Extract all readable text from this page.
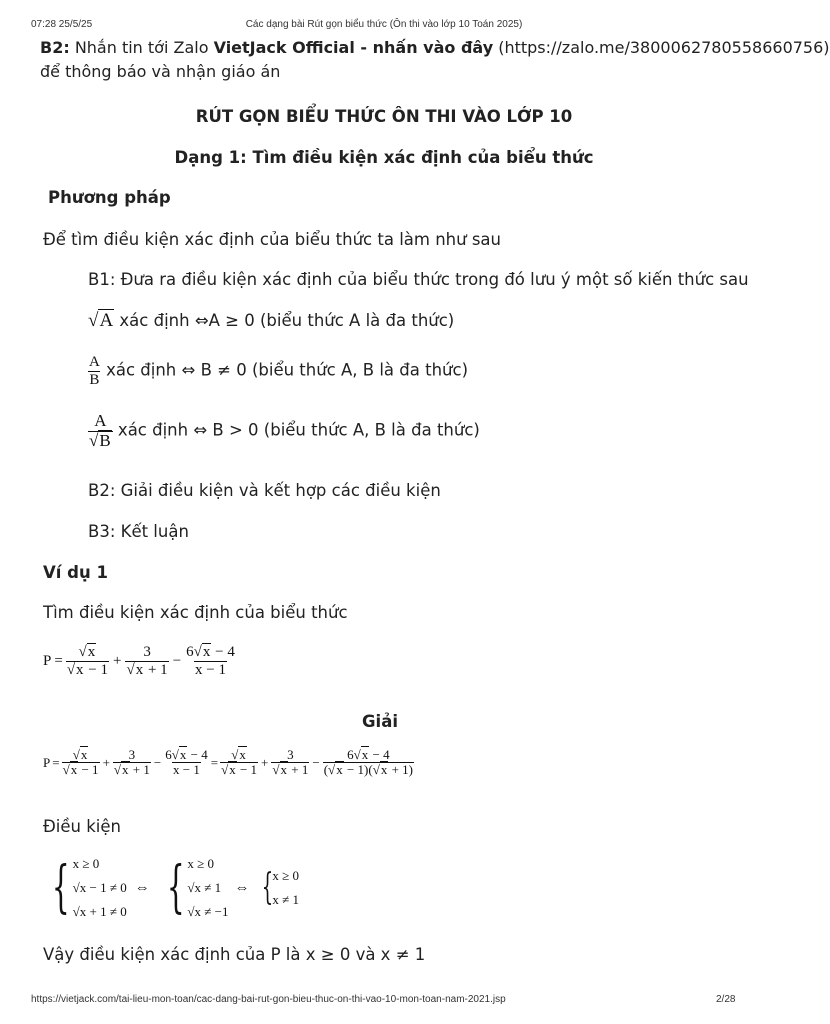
07:28 25/5/25	Các dạng bài Rút gọn biểu thức (Ôn thi vào lớp 10 Toán 2025)
B2: Nhắn tin tới Zalo VietJack Official - nhấn vào đây (https://zalo.me/3800062780558660756)
để thông báo và nhận giáo án
RÚT GỌN BIỂU THỨC ÔN THI VÀO LỚP 10
Dạng 1: Tìm điều kiện xác định của biểu thức
Phương pháp
Để tìm điều kiện xác định của biểu thức ta làm như sau
B1: Đưa ra điều kiện xác định của biểu thức trong đó lưu ý một số kiến thức sau
√A xác định ⇔A ≥ 0 (biểu thức A là đa thức)
$\frac{A}{B}$ xác định ⇔ B ≠ 0 (biểu thức A, B là đa thức)
$\frac{A}{√B}$ xác định ⇔ B > 0 (biểu thức A, B là đa thức)
B2: Giải điều kiện và kết hợp các điều kiện
B3: Kết luận
Ví dụ 1
Tìm điều kiện xác định của biểu thức
$P = \frac{√x}{√x - 1} + \frac{3}{√x + 1} - \frac{6√x - 4}{x - 1}$
Giải
$P = \frac{√x}{√x - 1} + \frac{3}{√x + 1} - \frac{6√x - 4}{x - 1} = \frac{√x}{√x - 1} + \frac{3}{√x + 1} - \frac{6√x - 4}{(√x - 1)(√x + 1)}$
Điều kiện
{ x ≥ 0
√x − 1 ≠ 0
√x + 1 ≠ 0
⇔ { x ≥ 0
√x ≠ 1
√x ≠ −1
⇔ { x ≥ 0
x ≠ 1
Vậy điều kiện xác định của P là x ≥ 0 và x ≠ 1
https://vietjack.com/tai-lieu-mon-toan/cac-dang-bai-rut-gon-bieu-thuc-on-thi-vao-10-mon-toan-nam-2021.jsp	2/28
